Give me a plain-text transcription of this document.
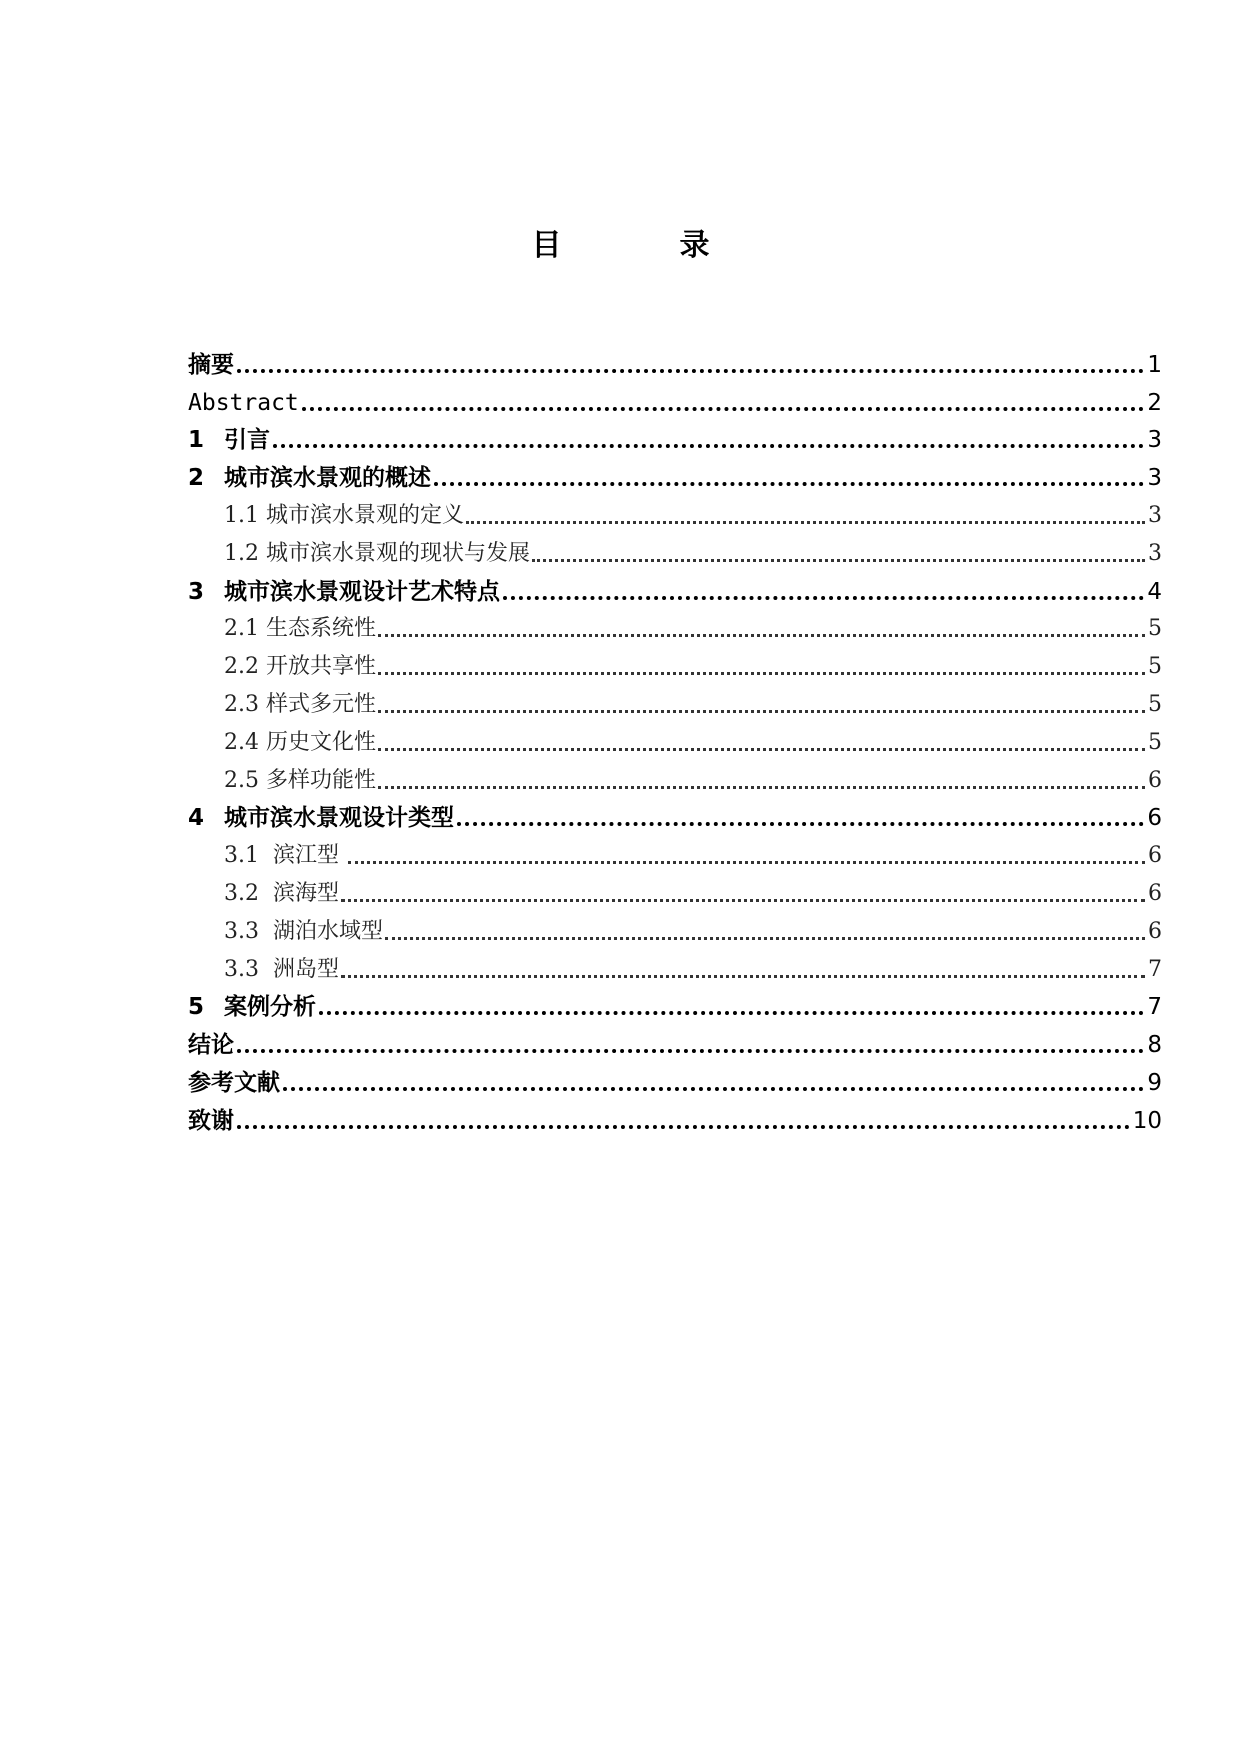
目　录
摘要	1
Abstract	2
1 引言	3
2 城市滨水景观的概述	3
1.1 城市滨水景观的定义	3
1.2 城市滨水景观的现状与发展	3
3 城市滨水景观设计艺术特点	4
2.1 生态系统性	5
2.2 开放共享性	5
2.3 样式多元性	5
2.4 历史文化性	5
2.5 多样功能性	6
4 城市滨水景观设计类型	6
3.1  滨江型	6
3.2  滨海型	6
3.3  湖泊水域型	6
3.3  洲岛型	7
5 案例分析	7
结论	8
参考文献	9
致谢	10
